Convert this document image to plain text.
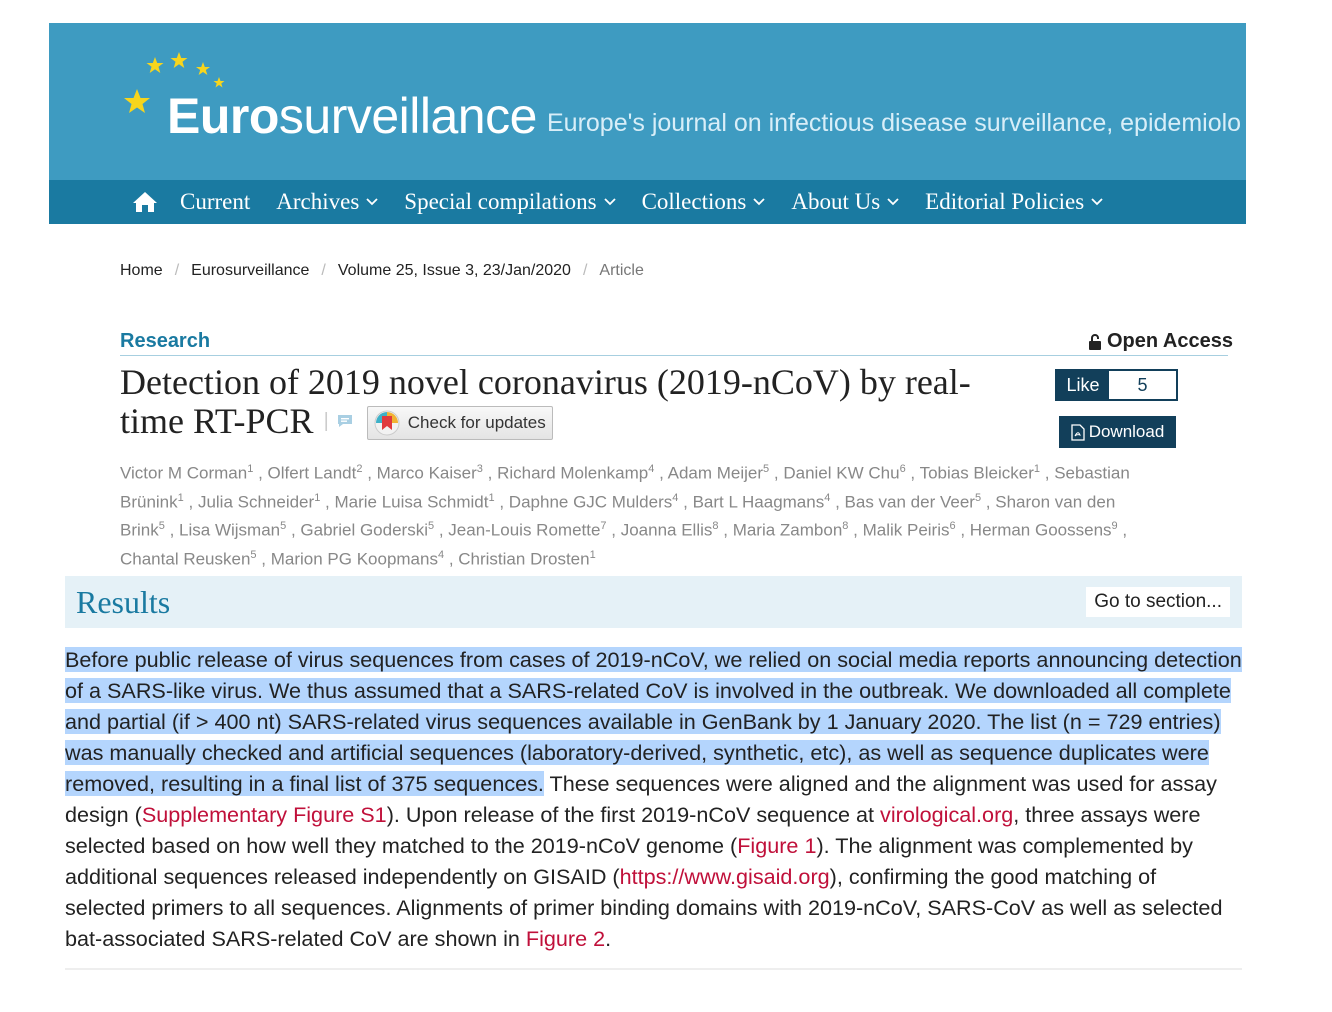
Eurosurveillance Europe's journal on infectious disease surveillance, epidemiolo
Current Archives Special compilations Collections About Us Editorial Policies
Home / Eurosurveillance / Volume 25, Issue 3, 23/Jan/2020 / Article
Research	Open Access
Detection of 2019 novel coronavirus (2019-nCoV) by real-
time RT-PCR |	Check for updates
Like	5
Download
Victor M Corman$^1$ , Olfert Landt$^2$ , Marco Kaiser$^3$ , Richard Molenkamp$^4$ , Adam Meijer$^5$ , Daniel KW Chu$^6$ , Tobias Bleicker$^1$ , Sebastian Brünink$^1$ , Julia Schneider$^1$ , Marie Luisa Schmidt$^1$ , Daphne GJC Mulders$^4$ , Bart L Haagmans$^4$ , Bas van der Veer$^5$ , Sharon van den Brink$^5$ , Lisa Wijsman$^5$ , Gabriel Goderski$^5$ , Jean-Louis Romette$^7$ , Joanna Ellis$^8$ , Maria Zambon$^8$ , Malik Peiris$^6$ , Herman Goossens$^9$ , Chantal Reusken$^5$ , Marion PG Koopmans$^4$ , Christian Drosten$^1$
Results	Go to section...
Before public release of virus sequences from cases of 2019-nCoV, we relied on social media reports announcing detection of a SARS-like virus. We thus assumed that a SARS-related CoV is involved in the outbreak. We downloaded all complete and partial (if > 400 nt) SARS-related virus sequences available in GenBank by 1 January 2020. The list (n = 729 entries) was manually checked and artificial sequences (laboratory-derived, synthetic, etc), as well as sequence duplicates were removed, resulting in a final list of 375 sequences. These sequences were aligned and the alignment was used for assay design (Supplementary Figure S1). Upon release of the first 2019-nCoV sequence at virological.org, three assays were selected based on how well they matched to the 2019-nCoV genome (Figure 1). The alignment was complemented by additional sequences released independently on GISAID (https://www.gisaid.org), confirming the good matching of selected primers to all sequences. Alignments of primer binding domains with 2019-nCoV, SARS-CoV as well as selected bat-associated SARS-related CoV are shown in Figure 2.
